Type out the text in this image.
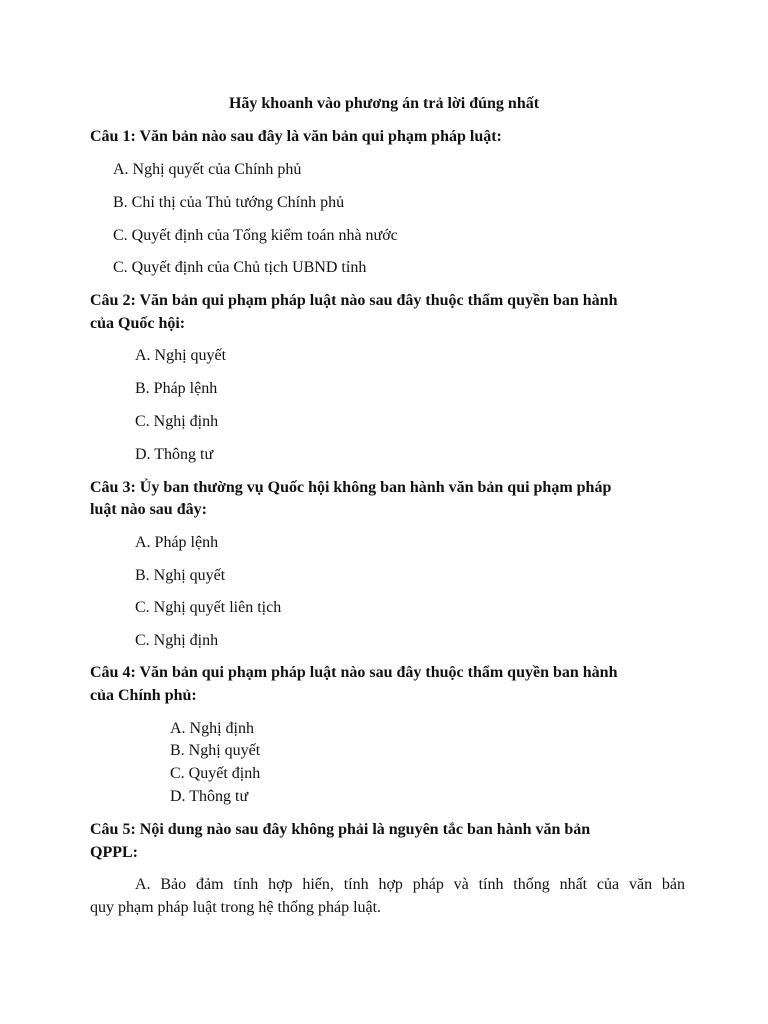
Hãy khoanh vào phương án trả lời đúng nhất
Câu 1: Văn bản nào sau đây là văn bản qui phạm pháp luật:
A. Nghị quyết của Chính phủ
B. Chỉ thị của Thủ tướng Chính phủ
C. Quyết định của Tổng kiểm toán nhà nước
C. Quyết định của Chủ tịch UBND tỉnh
Câu 2: Văn bản qui phạm pháp luật nào sau đây thuộc thẩm quyền ban hành
của Quốc hội:
A. Nghị quyết
B. Pháp lệnh
C. Nghị định
D. Thông tư
Câu 3: Ủy ban thường vụ Quốc hội không ban hành văn bản qui phạm pháp
luật nào sau đây:
A. Pháp lệnh
B. Nghị quyết
C. Nghị quyết liên tịch
C. Nghị định
Câu 4: Văn bản qui phạm pháp luật nào sau đây thuộc thẩm quyền ban hành
của Chính phủ:
A. Nghị định
B. Nghị quyết
C. Quyết định
D. Thông tư
Câu 5: Nội dung nào sau đây không phải là nguyên tắc ban hành văn bản
QPPL:
A. Bảo đảm tính hợp hiến, tính hợp pháp và tính thống nhất của văn bản
quy phạm pháp luật trong hệ thống pháp luật.
